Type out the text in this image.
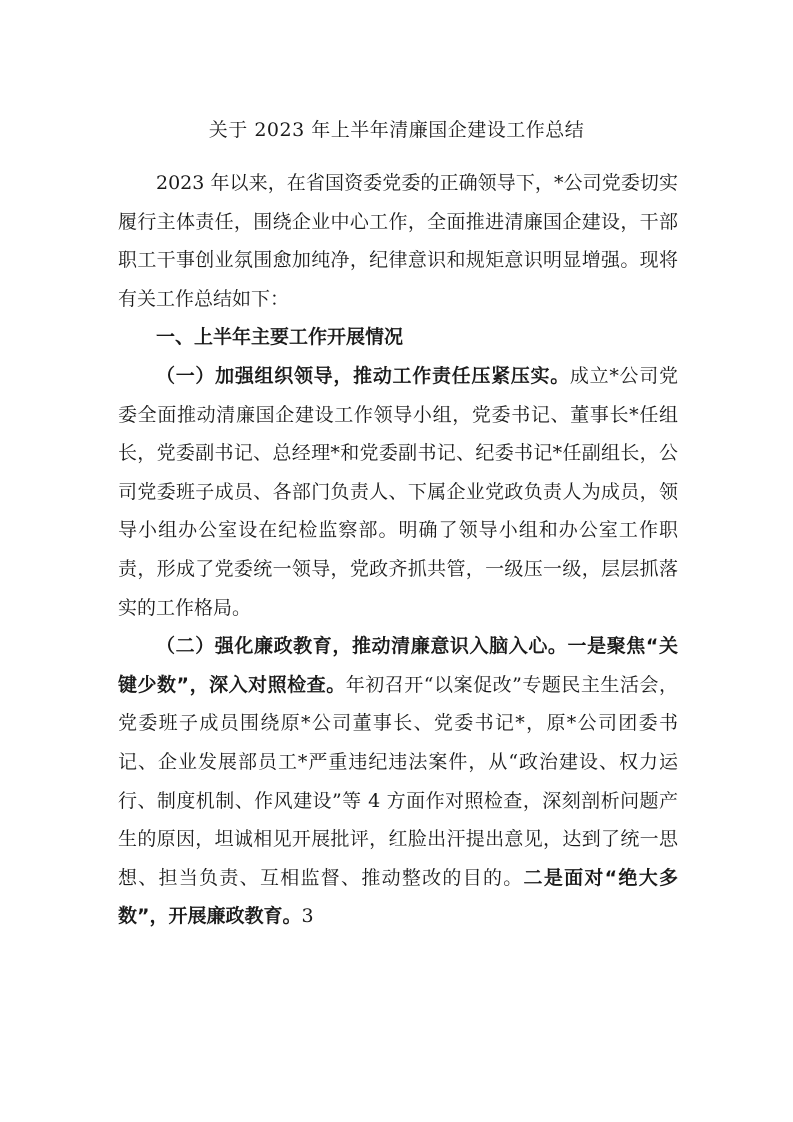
关于 2023 年上半年清廉国企建设工作总结

2023 年以来，在省国资委党委的正确领导下，*公司党委切实履行主体责任，围绕企业中心工作，全面推进清廉国企建设，干部职工干事创业氛围愈加纯净，纪律意识和规矩意识明显增强。现将有关工作总结如下：

一、上半年主要工作开展情况

（一）加强组织领导，推动工作责任压紧压实。成立*公司党委全面推动清廉国企建设工作领导小组，党委书记、董事长*任组长，党委副书记、总经理*和党委副书记、纪委书记*任副组长，公司党委班子成员、各部门负责人、下属企业党政负责人为成员，领导小组办公室设在纪检监察部。明确了领导小组和办公室工作职责，形成了党委统一领导，党政齐抓共管，一级压一级，层层抓落实的工作格局。

（二）强化廉政教育，推动清廉意识入脑入心。一是聚焦“关键少数”，深入对照检查。年初召开“以案促改”专题民主生活会，党委班子成员围绕原*公司董事长、党委书记*，原*公司团委书记、企业发展部员工*严重违纪违法案件，从“政治建设、权力运行、制度机制、作风建设”等 4 方面作对照检查，深刻剖析问题产生的原因，坦诚相见开展批评，红脸出汗提出意见，达到了统一思想、担当负责、互相监督、推动整改的目的。二是面对“绝大多数”，开展廉政教育。3
